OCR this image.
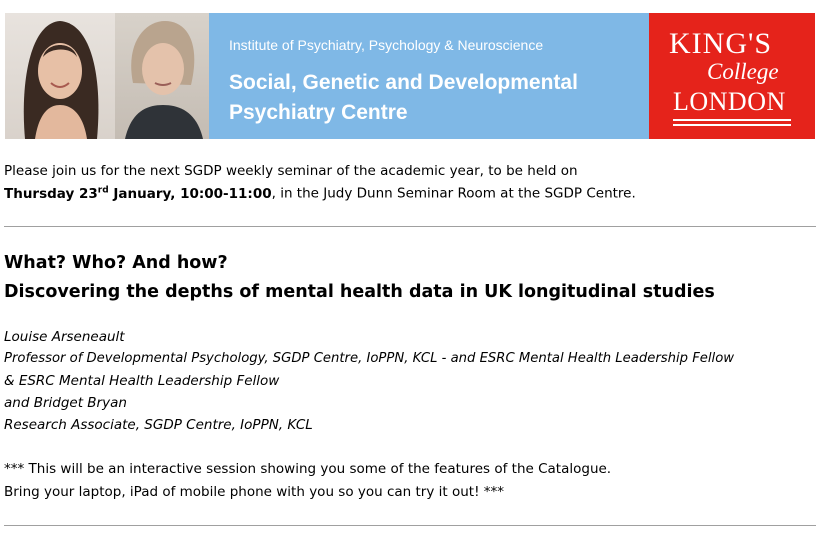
Institute of Psychiatry, Psychology & Neuroscience
Social, Genetic and Developmental
Psychiatry Centre
KING'S
College
LONDON
Please join us for the next SGDP weekly seminar of the academic year, to be held on
Thursday 23rd January, 10:00-11:00, in the Judy Dunn Seminar Room at the SGDP Centre.
What? Who? And how?
Discovering the depths of mental health data in UK longitudinal studies
Louise Arseneault
Professor of Developmental Psychology, SGDP Centre, IoPPN, KCL - and ESRC Mental Health Leadership Fellow
& ESRC Mental Health Leadership Fellow
and Bridget Bryan
Research Associate, SGDP Centre, IoPPN, KCL
*** This will be an interactive session showing you some of the features of the Catalogue.
Bring your laptop, iPad of mobile phone with you so you can try it out! ***
